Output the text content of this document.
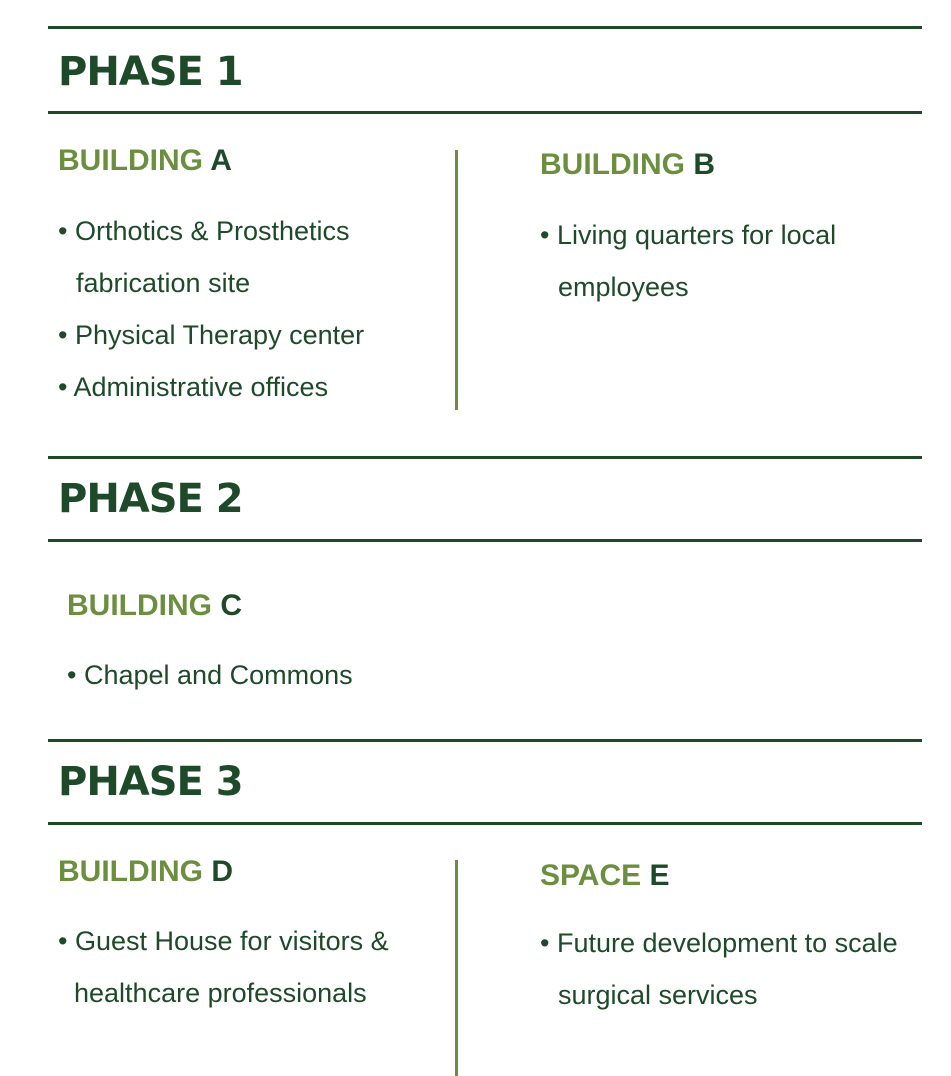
PHASE 1
BUILDING A
• Orthotics & Prosthetics
fabrication site
• Physical Therapy center
• Administrative offices
BUILDING B
• Living quarters for local
employees
PHASE 2
BUILDING C
• Chapel and Commons
PHASE 3
BUILDING D
• Guest House for visitors &
healthcare professionals
SPACE E
• Future development to scale
surgical services
